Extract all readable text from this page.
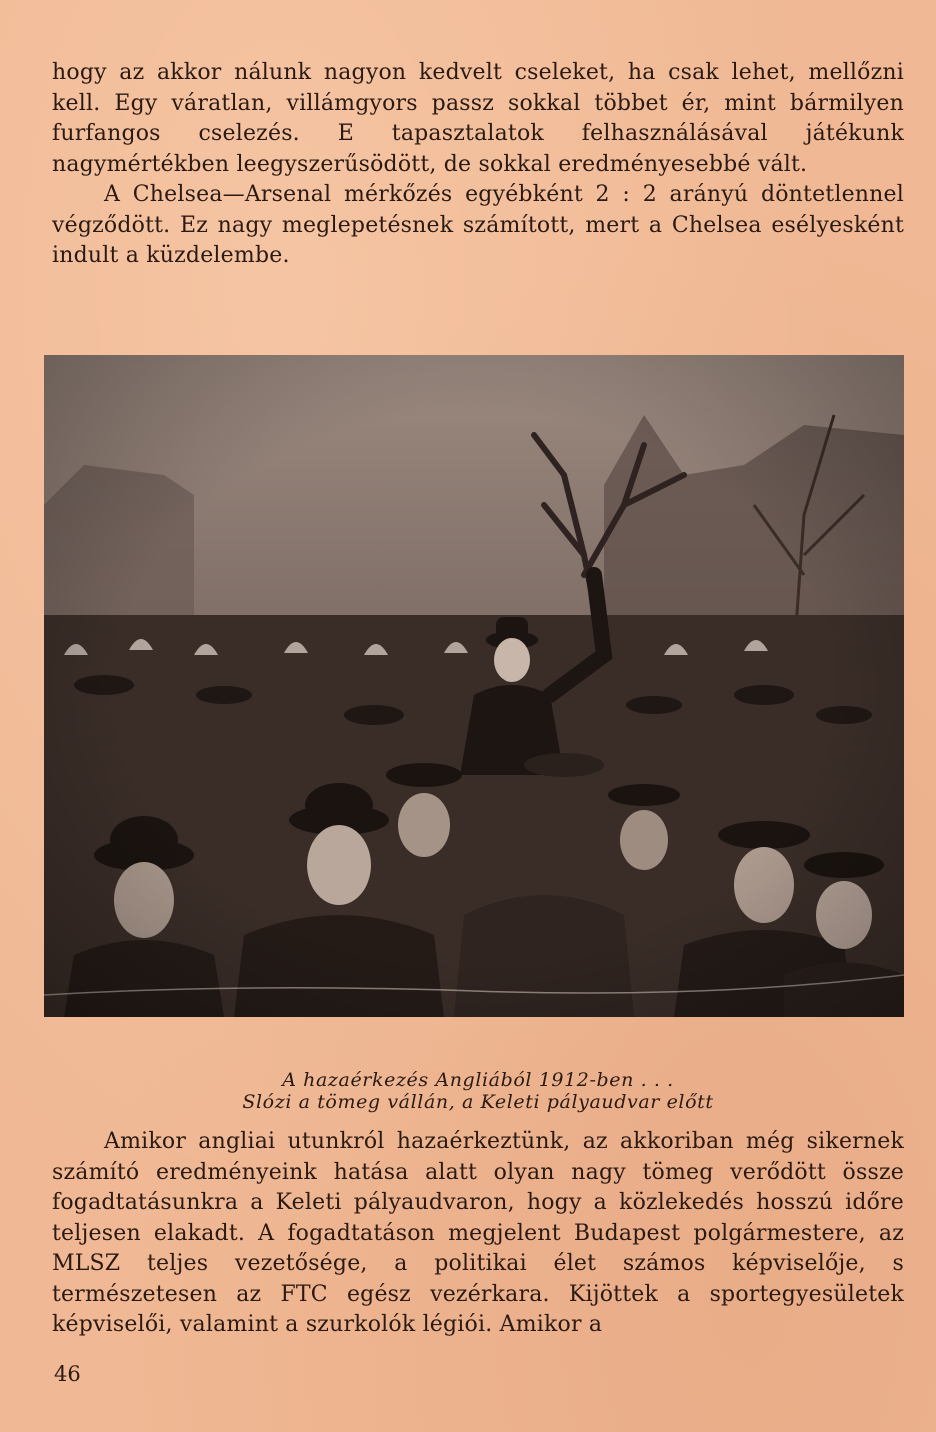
hogy az akkor nálunk nagyon kedvelt cseleket, ha csak lehet, mellőzni kell. Egy váratlan, villámgyors passz sokkal többet ér, mint bármilyen furfangos cselezés. E tapasztalatok felhasználásával játékunk nagymértékben leegyszerűsödött, de sokkal eredményesebbé vált.

A Chelsea—Arsenal mérkőzés egyébként 2 : 2 arányú döntetlennel végződött. Ez nagy meglepetésnek számított, mert a Chelsea esélyesként indult a küzdelembe.

A hazaérkezés Angliából 1912-ben . . .
Slózi a tömeg vállán, a Keleti pályaudvar előtt

Amikor angliai utunkról hazaérkeztünk, az akkoriban még sikernek számító eredményeink hatása alatt olyan nagy tömeg verődött össze fogadtatásunkra a Keleti pályaudvaron, hogy a közlekedés hosszú időre teljesen elakadt. A fogadtatáson megjelent Budapest polgármestere, az MLSZ teljes vezetősége, a politikai élet számos képviselője, s természetesen az FTC egész vezérkara. Kijöttek a sportegyesületek képviselői, valamint a szurkolók légiói. Amikor a

46
